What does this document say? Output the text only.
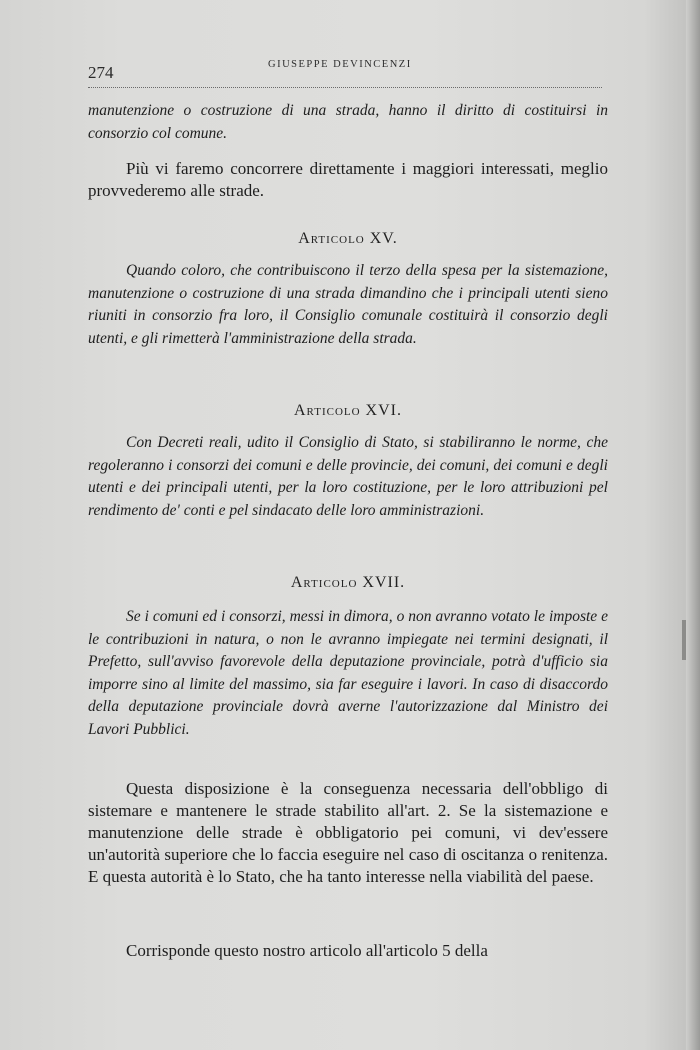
274	GIUSEPPE DEVINCENZI

manutenzione o costruzione di una strada, hanno il diritto di costituirsi in consorzio col comune.

Più vi faremo concorrere direttamente i maggiori interessati, meglio provvederemo alle strade.

Articolo XV.

Quando coloro, che contribuiscono il terzo della spesa per la sistemazione, manutenzione o costruzione di una strada dimandino che i principali utenti sieno riuniti in consorzio fra loro, il Consiglio comunale costituirà il consorzio degli utenti, e gli rimetterà l'amministrazione della strada.

Articolo XVI.

Con Decreti reali, udito il Consiglio di Stato, si stabiliranno le norme, che regoleranno i consorzi dei comuni e delle provincie, dei comuni, dei comuni e degli utenti e dei principali utenti, per la loro costituzione, per le loro attribuzioni pel rendimento de' conti e pel sindacato delle loro amministrazioni.

Articolo XVII.

Se i comuni ed i consorzi, messi in dimora, o non avranno votato le imposte e le contribuzioni in natura, o non le avranno impiegate nei termini designati, il Prefetto, sull'avviso favorevole della deputazione provinciale, potrà d'ufficio sia imporre sino al limite del massimo, sia far eseguire i lavori. In caso di disaccordo della deputazione provinciale dovrà averne l'autorizzazione dal Ministro dei Lavori Pubblici.

Questa disposizione è la conseguenza necessaria dell'obbligo di sistemare e mantenere le strade stabilito all'art. 2. Se la sistemazione e manutenzione delle strade è obbligatorio pei comuni, vi dev'essere un'autorità superiore che lo faccia eseguire nel caso di oscitanza o renitenza. E questa autorità è lo Stato, che ha tanto interesse nella viabilità del paese.

Corrisponde questo nostro articolo all'articolo 5 della
